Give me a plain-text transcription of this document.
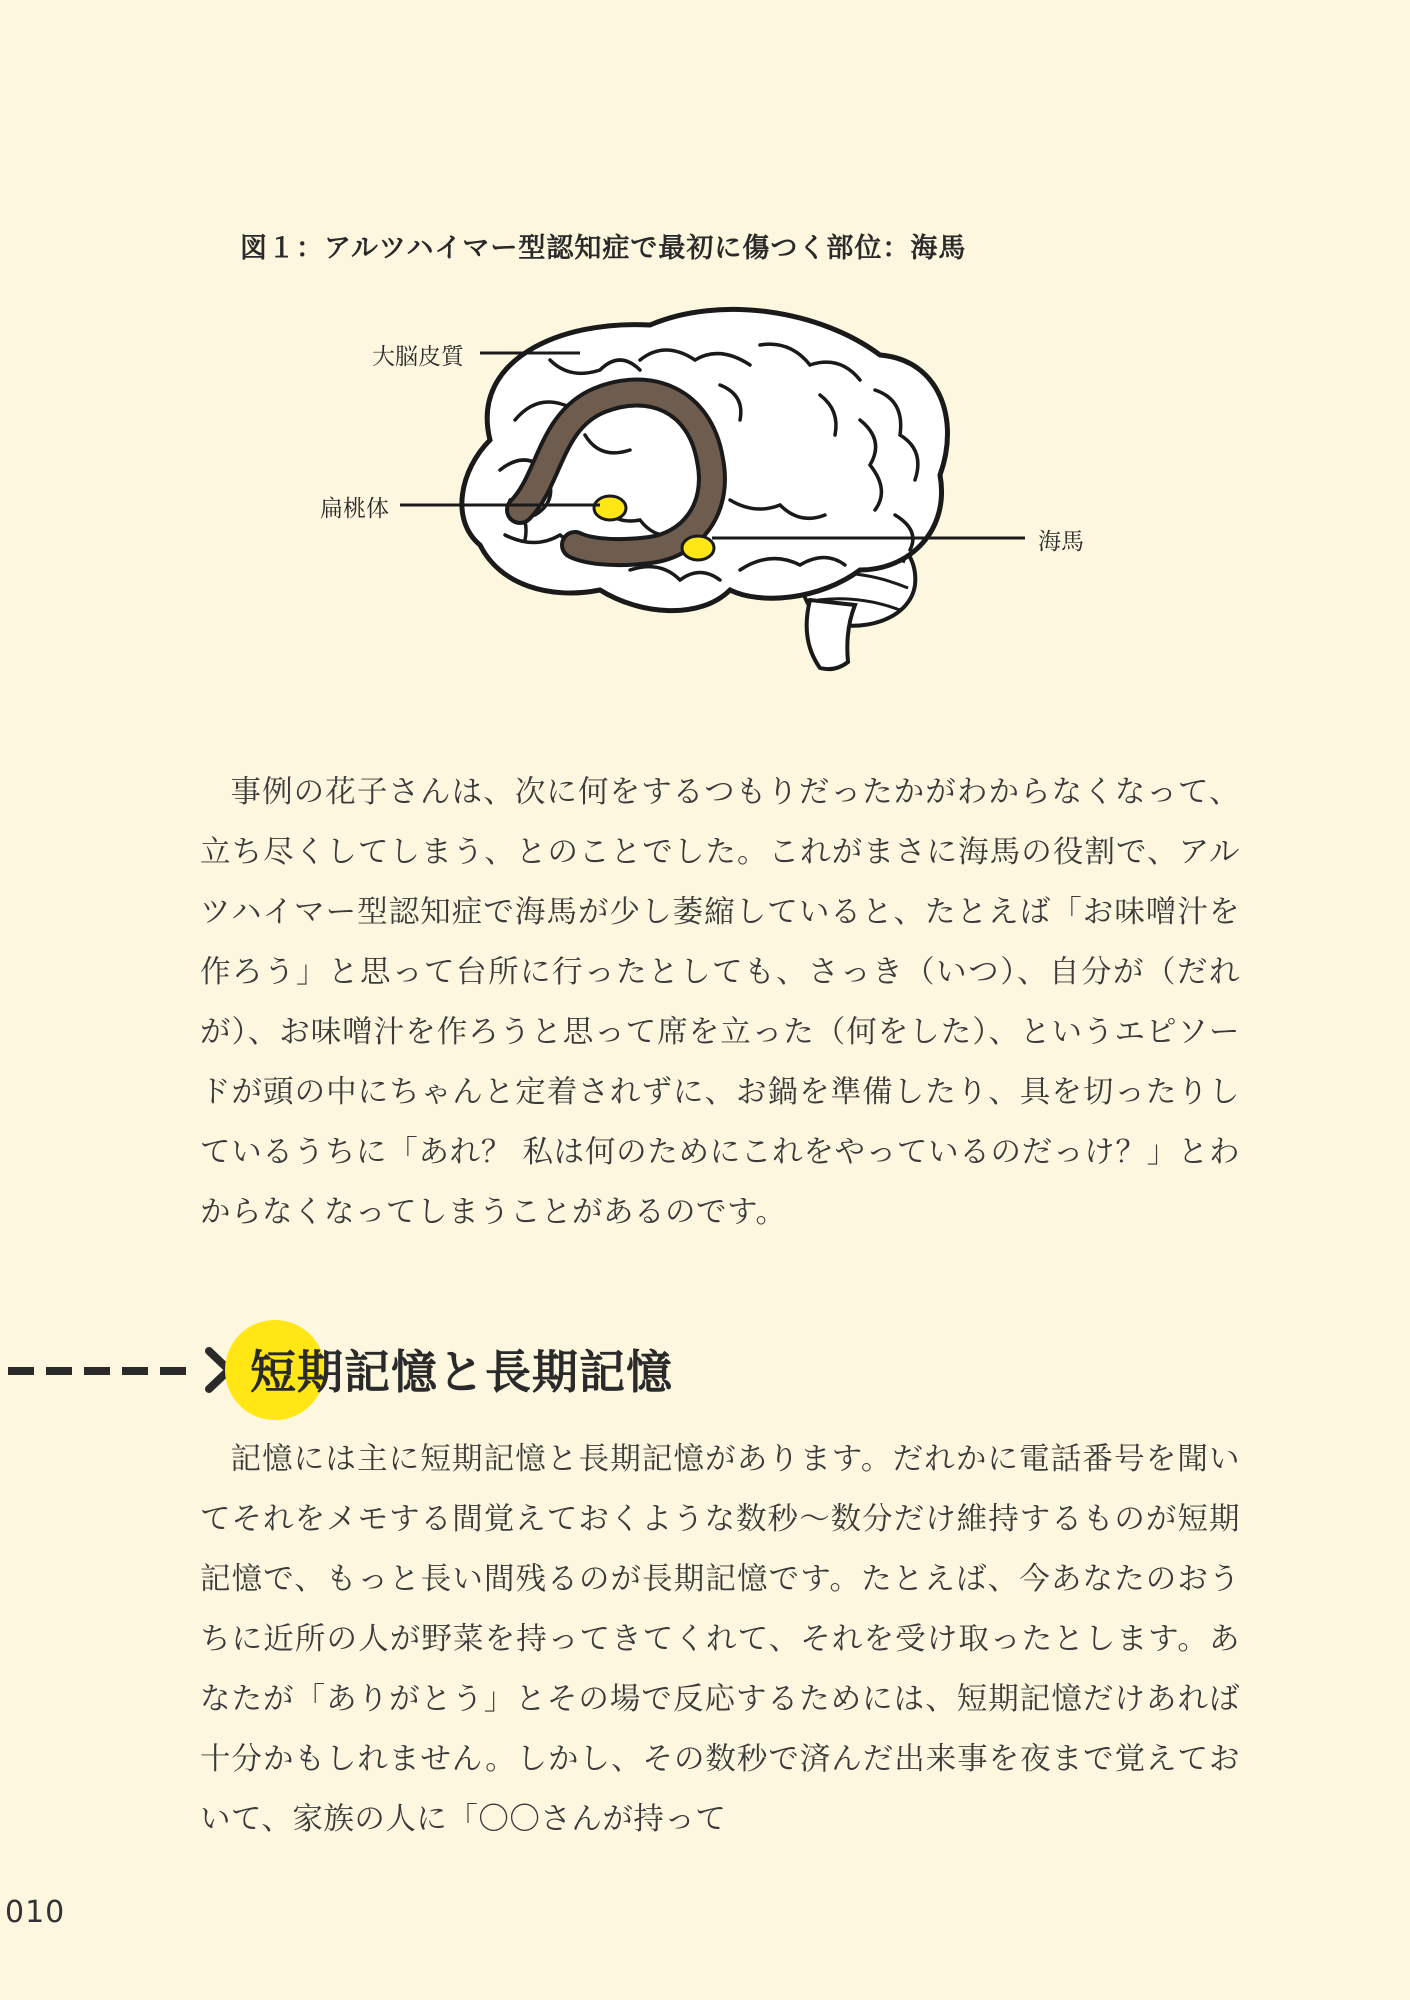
図１：アルツハイマー型認知症で最初に傷つく部位：海馬
大脳皮質
扁桃体
海馬

事例の花子さんは、次に何をするつもりだったかがわからなくなって、立ち尽くしてしまう、とのことでした。これがまさに海馬の役割で、アルツハイマー型認知症で海馬が少し萎縮していると、たとえば「お味噌汁を作ろう」と思って台所に行ったとしても、さっき（いつ）、自分が（だれが）、お味噌汁を作ろうと思って席を立った（何をした）、というエピソードが頭の中にちゃんと定着されずに、お鍋を準備したり、具を切ったりしているうちに「あれ？ 私は何のためにこれをやっているのだっけ？」とわからなくなってしまうことがあるのです。

短期記憶と長期記憶

記憶には主に短期記憶と長期記憶があります。だれかに電話番号を聞いてそれをメモする間覚えておくような数秒～数分だけ維持するものが短期記憶で、もっと長い間残るのが長期記憶です。たとえば、今あなたのおうちに近所の人が野菜を持ってきてくれて、それを受け取ったとします。あなたが「ありがとう」とその場で反応するためには、短期記憶だけあれば十分かもしれません。しかし、その数秒で済んだ出来事を夜まで覚えておいて、家族の人に「〇〇さんが持って

010
